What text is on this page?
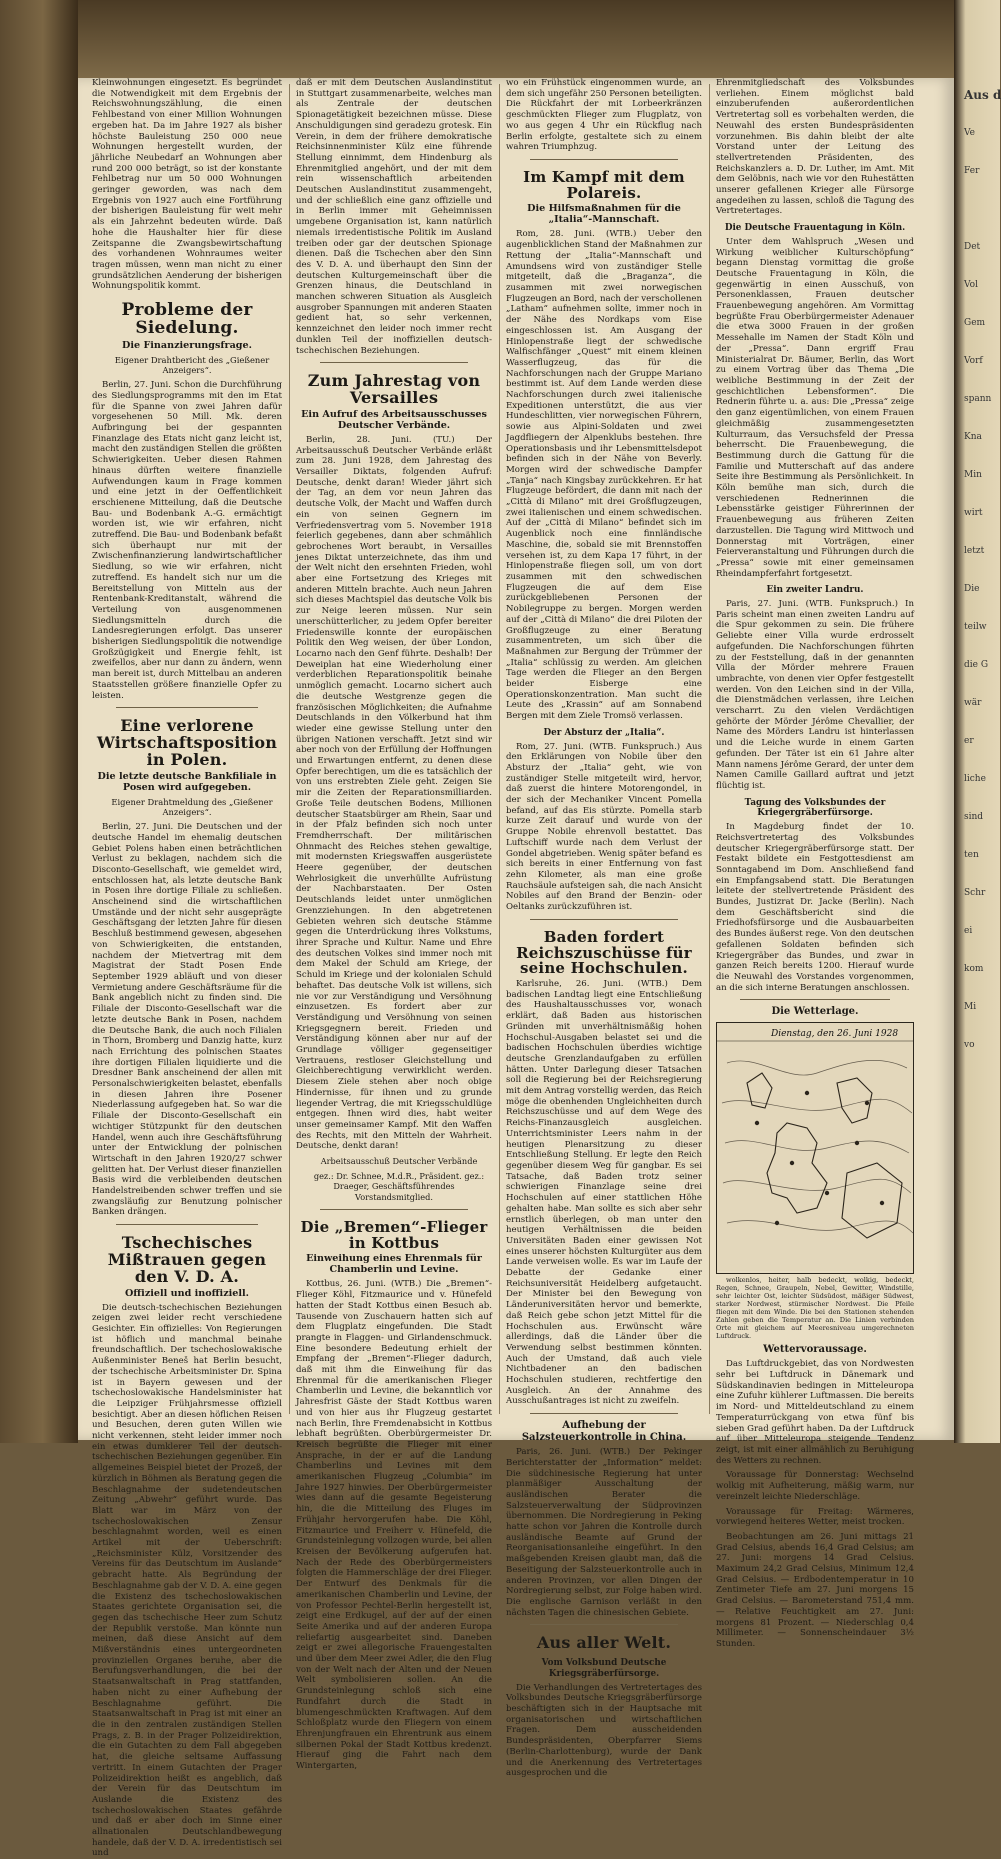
Kleinwohnungen eingesetzt. Es begründet die Notwendigkeit mit dem Ergebnis der Reichswohnungszählung, die einen Fehlbestand von einer Million Wohnungen ergeben hat. Da im Jahre 1927 als bisher höchste Bauleistung 250 000 neue Wohnungen hergestellt wurden, der jährliche Neubedarf an Wohnungen aber rund 200 000 beträgt, so ist der konstante Fehlbetrag nur um 50 000 Wohnungen geringer geworden, was nach dem Ergebnis von 1927 auch eine Fortführung der bisherigen Bauleistung für weit mehr als ein Jahrzehnt bedeuten würde. Daß hohe die Haushalter hier für diese Zeitspanne die Zwangsbewirtschaftung des vorhandenen Wohnraumes weiter tragen müssen, wenn man nicht zu einer grundsätzlichen Aenderung der bisherigen Wohnungspolitik kommt.

Probleme der Siedelung.
Die Finanzierungsfrage.

Eigener Drahtbericht des „Gießener Anzeigers“.

Berlin, 27. Juni. Schon die Durchführung des Siedlungsprogramms mit den im Etat für die Spanne von zwei Jahren dafür vorgesehenen 50 Mill. Mk. deren Aufbringung bei der gespannten Finanzlage des Etats nicht ganz leicht ist, macht den zuständigen Stellen die größten Schwierigkeiten. Ueber diesen Rahmen hinaus dürften weitere finanzielle Aufwendungen kaum in Frage kommen und eine jetzt in der Oeffentlichkeit erschienene Mitteilung, daß die Deutsche Bau- und Bodenbank A.-G. ermächtigt worden ist, wie wir erfahren, nicht zutreffend. Die Bau- und Bodenbank befaßt sich überhaupt nur mit der Zwischenfinanzierung landwirtschaftlicher Siedlung, so wie wir erfahren, nicht zutreffend. Es handelt sich nur um die Bereitstellung von Mitteln aus der Rentenbank-Kreditanstalt, während die Verteilung von ausgenommenen Siedlungsmitteln durch die Landesregierungen erfolgt. Das unserer bisherigen Siedlungspolitik die notwendige Großzügigkeit und Energie fehlt, ist zweifellos, aber nur dann zu ändern, wenn man bereit ist, durch Mittelbau an anderen Staatsstellen größere finanzielle Opfer zu leisten.

Eine verlorene Wirtschaftsposition in Polen.
Die letzte deutsche Bankfiliale in Posen wird aufgegeben.

Eigener Drahtmeldung des „Gießener Anzeigers“.

Berlin, 27. Juni. Die Deutschen und der deutsche Handel im ehemalig deutschen Gebiet Polens haben einen beträchtlichen Verlust zu beklagen, nachdem sich die Disconto-Gesellschaft, wie gemeldet wird, entschlossen hat, als letzte deutsche Bank in Posen ihre dortige Filiale zu schließen. Anscheinend sind die wirtschaftlichen Umstände und der nicht sehr ausgeprägte Geschäftsgang der letzten Jahre für diesen Beschluß bestimmend gewesen, abgesehen von Schwierigkeiten, die entstanden, nachdem der Mietvertrag mit dem Magistrat der Stadt Posen Ende September 1929 abläuft und von dieser Vermietung andere Geschäftsräume für die Bank angeblich nicht zu finden sind. Die Filiale der Disconto-Gesellschaft war die letzte deutsche Bank in Posen, nachdem die Deutsche Bank, die auch noch Filialen in Thorn, Bromberg und Danzig hatte, kurz nach Errichtung des polnischen Staates ihre dortigen Filialen liquidierte und die Dresdner Bank anscheinend der allen mit Personalschwierigkeiten belastet, ebenfalls in diesen Jahren ihre Posener Niederlassung aufgegeben hat. So war die Filiale der Disconto-Gesellschaft ein wichtiger Stützpunkt für den deutschen Handel, wenn auch ihre Geschäftsführung unter der Entwicklung der polnischen Wirtschaft in den Jahren 1920/27 schwer gelitten hat. Der Verlust dieser finanziellen Basis wird die verbleibenden deutschen Handelstreibenden schwer treffen und sie zwangsläufig zur Benutzung polnischer Banken drängen.

Tschechisches Mißtrauen gegen den V. D. A.
Offiziell und inoffiziell.

Die deutsch-tschechischen Beziehungen zeigen zwei leider recht verschiedene Gesichter. Ein offizielles: Von Regierungen ist höflich und manchmal beinahe freundschaftlich. Der tschechoslowakische Außenminister Beneš hat Berlin besucht, der tschechische Arbeitsminister Dr. Spina ist in Bayern gewesen und der tschechoslowakische Handelsminister hat die Leipziger Frühjahrsmesse offiziell besichtigt. Aber an diesen höflichen Reisen und Besuchen, deren guten Willen wie nicht verkennen, steht leider immer noch ein etwas dumklerer Teil der deutsch-tschechischen Beziehungen gegenüber. Ein allgemeines Beispiel bietet der Prozeß, der kürzlich in Böhmen als Beratung gegen die Beschlagnahme der sudetendeutschen Zeitung „Abwehr“ geführt wurde. Das Blatt war im März von der tschechoslowakischen Zensur beschlagnahmt worden, weil es einen Artikel mit der Ueberschrift: „Reichsminister Külz, Vorsitzender des Vereins für das Deutschtum im Auslande“ gebracht hatte. Als Begründung der Beschlagnahme gab der V. D. A. eine gegen die Existenz des tschechoslowakischen Staates gerichtete Organisation sei, die gegen das tschechische Heer zum Schutz der Republik verstoße. Man könnte nun meinen, daß diese Ansicht auf dem Mißverständnis eines untergeordneten provinziellen Organes beruhe, aber die Berufungsverhandlungen, die bei der Staatsanwaltschaft in Prag stattfanden, haben nicht zu einer Aufhebung der Beschlagnahme geführt. Die Staatsanwaltschaft in Prag ist mit einer an die in den zentralen zuständigen Stellen Prags, z. B. in der Prager Polizeidirektion, die ein Gutachten zu dem Fall abgegeben hat, die gleiche seltsame Auffassung vertritt. In einem Gutachten der Prager Polizeidirektion heißt es angeblich, daß der Verein für das Deutschtum im Auslande die Existenz des tschechoslowakischen Staates gefährde und daß er aber doch im Sinne einer allnationalen Deutschlandbewegung handele, daß der V. D. A. irredentistisch sei und

daß er mit dem Deutschen Auslandinstitut in Stuttgart zusammenarbeite, welches man als Zentrale der deutschen Spionagetätigkeit bezeichnen müsse. Diese Anschuldigungen sind geradezu grotesk. Ein Verein, in dem der frühere demokratische Reichsinnenminister Külz eine führende Stellung einnimmt, dem Hindenburg als Ehrenmitglied angehört, und der mit dem rein wissenschaftlich arbeitenden Deutschen Auslandinstitut zusammengeht, und der schließlich eine ganz offizielle und in Berlin immer mit Geheimnissen umgebene Organisation ist, kann natürlich niemals irredentistische Politik im Ausland treiben oder gar der deutschen Spionage dienen. Daß die Tschechen aber den Sinn des V. D. A. und überhaupt den Sinn der deutschen Kulturgemeinschaft über die Grenzen hinaus, die Deutschland in manchen schweren Situation als Ausgleich ausgrober Spannungen mit anderen Staaten gedient hat, so sehr verkennen, kennzeichnet den leider noch immer recht dunklen Teil der inoffiziellen deutsch-tschechischen Beziehungen.

Zum Jahrestag von Versailles
Ein Aufruf des Arbeitsausschusses Deutscher Verbände.

Berlin, 28. Juni. (TU.) Der Arbeitsausschuß Deutscher Verbände erläßt zum 28. Juni 1928, dem Jahrestag des Versailler Diktats, folgenden Aufruf: Deutsche, denkt daran! Wieder jährt sich der Tag, an dem vor neun Jahren das deutsche Volk, der Macht und Waffen durch ein von seinen Gegnern im Verfriedensvertrag vom 5. November 1918 feierlich gegebenes, dann aber schmählich gebrochenes Wort beraubt, in Versailles jenes Diktat unterzeichnete, das ihm und der Welt nicht den ersehnten Frieden, wohl aber eine Fortsetzung des Krieges mit anderen Mitteln brachte. Auch neun Jahren sich dieses Machtspiel das deutsche Volk bis zur Neige leeren müssen. Nur sein unerschütterlicher, zu jedem Opfer bereiter Friedenswille konnte der europäischen Politik den Weg weisen, der über London, Locarno nach den Genf führte. Deshalb! Der Deweiplan hat eine Wiederholung einer verderblichen Reparationspolitik beinahe unmöglich gemacht. Locarno sichert auch die deutsche Westgrenze gegen die französischen Möglichkeiten; die Aufnahme Deutschlands in den Völkerbund hat ihm wieder eine gewisse Stellung unter den übrigen Nationen verschafft. Jetzt sind wir aber noch von der Erfüllung der Hoffnungen und Erwartungen entfernt, zu denen diese Opfer berechtigen, um die es tatsächlich der von uns erstrebten Ziele geht. Zeigen Sie mir die Zeiten der Reparationsmilliarden. Große Teile deutschen Bodens, Millionen deutscher Staatsbürger am Rhein, Saar und in der Pfalz befinden sich noch unter Fremdherrschaft. Der militärischen Ohnmacht des Reiches stehen gewaltige, mit modernsten Kriegswaffen ausgerüstete Heere gegenüber, der deutschen Wehrlosigkeit die unverhüllte Aufrüstung der Nachbarstaaten. Der Osten Deutschlands leidet unter unmöglichen Grenzziehungen. In den abgetretenen Gebieten wehren sich deutsche Stämme gegen die Unterdrückung ihres Volkstums, ihrer Sprache und Kultur. Name und Ehre des deutschen Volkes sind immer noch mit dem Makel der Schuld am Kriege, der Schuld im Kriege und der kolonialen Schuld behaftet. Das deutsche Volk ist willens, sich nie vor zur Verständigung und Versöhnung einzusetzen. Es fordert aber zur Verständigung und Versöhnung von seinen Kriegsgegnern bereit. Frieden und Verständigung können aber nur auf der Grundlage völliger gegenseitiger Vertrauens, restloser Gleichstellung und Gleichberechtigung verwirklicht werden. Diesem Ziele stehen aber noch obige Hindernisse, für ihnen und zu grunde liegender Vertrag, die mit Kriegsschuldlüge entgegen. Ihnen wird dies, habt weiter unser gemeinsamer Kampf. Mit den Waffen des Rechts, mit den Mitteln der Wahrheit. Deutsche, denkt daran!

Arbeitsausschuß Deutscher Verbände

gez.: Dr. Schnee, M.d.R., Präsident. gez.: Draeger, Geschäftsführendes Vorstandsmitglied.

Die „Bremen“-Flieger in Kottbus
Einweihung eines Ehrenmals für Chamberlin und Levine.

Kottbus, 26. Juni. (WTB.) Die „Bremen“-Flieger Köhl, Fitzmaurice und v. Hünefeld hatten der Stadt Kottbus einen Besuch ab. Tausende von Zuschauern hatten sich auf dem Flugplatz eingefunden. Die Stadt prangte in Flaggen- und Girlandenschmuck. Eine besondere Bedeutung erhielt der Empfang der „Bremen“-Flieger dadurch, daß mit ihm die Einweihung für das Ehrenmal für die amerikanischen Flieger Chamberlin und Levine, die bekanntlich vor Jahresfrist Gäste der Stadt Kottbus waren und von hier aus ihr Flugzeug gestartet nach Berlin, Ihre Fremdenabsicht in Kottbus lebhaft begrüßten. Oberbürgermeister Dr. Kreisch begrüßte die Flieger mit einer Ansprache, in der er auf die Landung Chamberlins und Levines mit dem amerikanischen Flugzeug „Columbia“ im Jahre 1927 hinwies. Der Oberbürgermeister wies dann auf die gesamte Begeisterung hin, die die Mitteilung des Fluges im Frühjahr hervorgerufen habe. Die Köhl, Fitzmaurice und Freiherr v. Hünefeld, die Grundsteinlegung vollzogen wurde, bei allen Kreisen der Bevölkerung aufgerufen hat. Nach der Rede des Oberbürgermeisters folgten die Hammerschläge der drei Flieger. Der Entwurf des Denkmals für die amerikanischen Chamberlin und Levine, der von Professor Pechtel-Berlin hergestellt ist, zeigt eine Erdkugel, auf der auf der einen Seite Amerika und auf der anderen Europa reliefartig ausgearbeitet sind. Daneben zeigt er zwei allegorische Frauengestalten und über dem Meer zwei Adler, die den Flug von der Welt nach der Alten und der Neuen Welt symbolisieren sollen. An die Grundsteinlegung schloß sich eine Rundfahrt durch die Stadt in blumengeschmückten Kraftwagen. Auf dem Schloßplatz wurde den Fliegern von einem Ehrenjungfrauen ein Ehrentrunk aus einem silbernen Pokal der Stadt Kottbus kredenzt. Hierauf ging die Fahrt nach dem Wintergarten,

wo ein Frühstück eingenommen wurde, an dem sich ungefähr 250 Personen beteiligten. Die Rückfahrt der mit Lorbeerkränzen geschmückten Flieger zum Flugplatz, von wo aus gegen 4 Uhr ein Rückflug nach Berlin erfolgte, gestaltete sich zu einem wahren Triumphzug.

Im Kampf mit dem Polareis.
Die Hilfsmaßnahmen für die „Italia“-Mannschaft.

Rom, 28. Juni. (WTB.) Ueber den augenblicklichen Stand der Maßnahmen zur Rettung der „Italia“-Mannschaft und Amundsens wird von zuständiger Stelle mitgeteilt, daß die „Braganza“, die zusammen mit zwei norwegischen Flugzeugen an Bord, nach der verschollenen „Latham“ aufnehmen sollte, immer noch in der Nähe des Nordkaps vom Eise eingeschlossen ist. Am Ausgang der Hinlopenstraße liegt der schwedische Walfischfänger „Quest“ mit einem kleinen Wasserflugzeug, das für die Nachforschungen nach der Gruppe Mariano bestimmt ist. Auf dem Lande werden diese Nachforschungen durch zwei italienische Expeditionen unterstützt, die aus vier Hundeschlitten, vier norwegischen Führern, sowie aus Alpini-Soldaten und zwei Jagdfliegern der Alpenklubs bestehen. Ihre Operationsbasis und ihr Lebensmittelsdepot befinden sich in der Nähe von Beverly. Morgen wird der schwedische Dampfer „Tanja“ nach Kingsbay zurückkehren. Er hat Flugzeuge befördert, die dann mit nach der „Città di Milano“ mit drei Großflugzeugen, zwei italienischen und einem schwedischen. Auf der „Città di Milano“ befindet sich im Augenblick noch eine finnländische Maschine, die, sobald sie mit Brennstoffen versehen ist, zu dem Kapa 17 führt, in der Hinlopenstraße fliegen soll, um von dort zusammen mit den schwedischen Flugzeugen die auf dem Eise zurückgebliebenen Personen der Nobilegruppe zu bergen. Morgen werden auf der „Città di Milano“ die drei Piloten der Großflugzeuge zu einer Beratung zusammentreten, um sich über die Maßnahmen zur Bergung der Trümmer der „Italia“ schlüssig zu werden. Am gleichen Tage werden die Flieger an den Bergen beider Eisberge eine Operationskonzentration. Man sucht die Leute des „Krassin“ auf am Sonnabend Bergen mit dem Ziele Tromsö verlassen.

Der Absturz der „Italia“.

Rom, 27. Juni. (WTB. Funkspruch.) Aus den Erklärungen von Nobile über den Absturz der „Italia“ geht, wie von zuständiger Stelle mitgeteilt wird, hervor, daß zuerst die hintere Motorengondel, in der sich der Mechaniker Vincent Pomella befand, auf das Eis stürzte. Pomella starb kurze Zeit darauf und wurde von der Gruppe Nobile ehrenvoll bestattet. Das Luftschiff wurde nach dem Verlust der Gondel abgetrieben. Wenig später befand es sich bereits in einer Entfernung von fast zehn Kilometer, als man eine große Rauchsäule aufsteigen sah, die nach Ansicht Nobiles auf den Brand der Benzin- oder Oeltanks zurückzuführen ist.

Baden fordert Reichszuschüsse für seine Hochschulen.

Karlsruhe, 26. Juni. (WTB.) Dem badischen Landtag liegt eine Entschließung des Haushaltausschusses vor, wonach erklärt, daß Baden aus historischen Gründen mit unverhältnismäßig hohen Hochschul-Ausgaben belastet sei und die badischen Hochschulen überdies wichtige deutsche Grenzlandaufgaben zu erfüllen hätten. Unter Darlegung dieser Tatsachen soll die Regierung bei der Reichsregierung mit dem Antrag vorstellig werden, das Reich möge die obenhenden Ungleichheiten durch Reichszuschüsse und auf dem Wege des Reichs-Finanzausgleich ausgleichen. Unterrichtsminister Leers nahm in der heutigen Plenarsitzung zu dieser Entschließung Stellung. Er legte den Reich gegenüber diesem Weg für gangbar. Es sei Tatsache, daß Baden trotz seiner schwierigen Finanzlage seine drei Hochschulen auf einer stattlichen Höhe gehalten habe. Man sollte es sich aber sehr ernstlich überlegen, ob man unter den heutigen Verhältnissen die beiden Universitäten Baden einer gewissen Not eines unserer höchsten Kulturgüter aus dem Lande verweisen wolle. Es war im Laufe der Debatte der Gedanke einer Reichsuniversität Heidelberg aufgetaucht. Der Minister bei den Bewegung von Länderuniversitäten hervor und bemerkte, daß Reich gebe schon jetzt Mittel für die Hochschulen aus. Erwünscht wäre allerdings, daß die Länder über die Verwendung selbst bestimmen könnten. Auch der Umstand, daß auch viele Nichtbadener an den badischen Hochschulen studieren, rechtfertige den Ausgleich. An der Annahme des Ausschußantrages ist nicht zu zweifeln.

Aufhebung der Salzsteuerkontrolle in China.

Paris, 26. Juni. (WTB.) Der Pekinger Berichterstatter der „Information“ meldet: Die südchinesische Regierung hat unter planmäßiger Ausschaltung der ausländischen Berater die Salzsteuerverwaltung der Südprovinzen übernommen. Die Nordregierung in Peking hatte schon vor Jahren die Kontrolle durch ausländische Beamte auf Grund der Reorganisationsanleihe eingeführt. In den maßgebenden Kreisen glaubt man, daß die Beseitigung der Salzsteuerkontrolle auch in anderen Provinzen, vor allen Dingen der Nordregierung selbst, zur Folge haben wird. Die englische Garnison verläßt in den nächsten Tagen die chinesischen Gebiete.

Aus aller Welt.
Vom Volksbund Deutsche Kriegsgräberfürsorge.

Die Verhandlungen des Vertretertages des Volksbundes Deutsche Kriegsgräberfürsorge beschäftigten sich in der Hauptsache mit organisatorischen und wirtschaftlichen Fragen. Dem ausscheidenden Bundespräsidenten, Oberpfarrer Siems (Berlin-Charlottenburg), wurde der Dank und die Anerkennung des Vertretertages ausgesprochen und die

Ehrenmitgliedschaft des Volksbundes verliehen. Einem möglichst bald einzuberufenden außerordentlichen Vertretertag soll es vorbehalten werden, die Neuwahl des ersten Bundespräsidenten vorzunehmen. Bis dahin bleibt der alte Vorstand unter der Leitung des stellvertretenden Präsidenten, des Reichskanzlers a. D. Dr. Luther, im Amt. Mit dem Gelöbnis, nach wie vor den Ruhestätten unserer gefallenen Krieger alle Fürsorge angedeihen zu lassen, schloß die Tagung des Vertretertages.

Die Deutsche Frauentagung in Köln.

Unter dem Wahlspruch „Wesen und Wirkung weiblicher Kulturschöpfung“ begann Dienstag vormittag die große Deutsche Frauentagung in Köln, die gegenwärtig in einen Ausschuß, von Personenklassen, Frauen deutscher Frauenbewegung angehören. Am Vormittag begrüßte Frau Oberbürgermeister Adenauer die etwa 3000 Frauen in der großen Messehalle im Namen der Stadt Köln und der „Pressa“. Dann ergriff Frau Ministerialrat Dr. Bäumer, Berlin, das Wort zu einem Vortrag über das Thema „Die weibliche Bestimmung in der Zeit der geschichtlichen Lebensformen“. Die Rednerin führte u. a. aus: Die „Pressa“ zeige den ganz eigentümlichen, von einem Frauen gleichmäßig zusammengesetzten Kulturraum, das Versuchsfeld der Pressa beherrscht. Die Frauenbewegung, die Bestimmung durch die Gattung für die Familie und Mutterschaft auf das andere Seite ihre Bestimmung als Persönlichkeit. In Köln bemühe man sich, durch die verschiedenen Rednerinnen die Lebensstärke geistiger Führerinnen der Frauenbewegung aus früheren Zeiten darzustellen. Die Tagung wird Mittwoch und Donnerstag mit Vorträgen, einer Feierveranstaltung und Führungen durch die „Pressa“ sowie mit einer gemeinsamen Rheindampferfahrt fortgesetzt.

Ein zweiter Landru.

Paris, 27. Juni. (WTB. Funkspruch.) In Paris scheint man einen zweiten Landru auf die Spur gekommen zu sein. Die frühere Geliebte einer Villa wurde erdrosselt aufgefunden. Die Nachforschungen führten zu der Feststellung, daß in der genannten Villa der Mörder mehrere Frauen umbrachte, von denen vier Opfer festgestellt werden. Von den Leichen sind in der Villa, die Dienstmädchen verlassen, ihre Leichen verscharrt. Zu den vielen Verdächtigen gehörte der Mörder Jérôme Chevallier, der Name des Mörders Landru ist hinterlassen und die Leiche wurde in einem Garten gefunden. Der Täter ist ein 61 Jahre alter Mann namens Jérôme Gerard, der unter dem Namen Camille Gaillard auftrat und jetzt flüchtig ist.

Tagung des Volksbundes der Kriegergräberfürsorge.

In Magdeburg findet der 10. Reichsvertretertag des Volksbundes deutscher Kriegergräberfürsorge statt. Der Festakt bildete ein Festgottesdienst am Sonntagabend im Dom. Anschließend fand ein Empfangsabend statt. Die Beratungen leitete der stellvertretende Präsident des Bundes, Justizrat Dr. Jacke (Berlin). Nach dem Geschäftsbericht sind die Friedhofsfürsorge und die Ausbauarbeiten des Bundes äußerst rege. Von den deutschen gefallenen Soldaten befinden sich Kriegergräber das Bundes, und zwar in ganzen Reich bereits 1200. Hierauf wurde die Neuwahl des Vorstandes vorgenommen, an die sich interne Beratungen anschlossen.

Die Wetterlage.
Dienstag, den 26. Juni 1928

wolkenlos, heiter, halb bedeckt, wolkig, bedeckt, Regen, Schnee, Graupeln, Nebel, Gewitter, Windstille, sehr leichter Ost, leichter Südsüdost, mäßiger Südwest, starker Nordwest, stürmischer Nordwest. Die Pfeile fliegen mit dem Winde. Die bei den Stationen stehenden Zahlen geben die Temperatur an. Die Linien verbinden Orte mit gleichem auf Meeresniveau umgerechneten Luftdruck.

Wettervoraussage.

Das Luftdruckgebiet, das von Nordwesten sehr bei Luftdruck in Dänemark und Südskandinavien bedingen in Mitteleuropa eine Zufuhr kühlerer Luftmassen. Die bereits im Nord- und Mitteldeutschland zu einem Temperaturrückgang von etwa fünf bis sieben Grad geführt haben. Da der Luftdruck auf über Mitteleuropa steigende Tendenz zeigt, ist mit einer allmählich zu Beruhigung des Wetters zu rechnen.

Voraussage für Donnerstag: Wechselnd wolkig mit Aufheiterung, mäßig warm, nur vereinzelt leichte Niederschläge.

Voraussage für Freitag: Wärmeres, vorwiegend heiteres Wetter, meist trocken.

Beobachtungen am 26. Juni mittags 21 Grad Celsius, abends 16,4 Grad Celsius; am 27. Juni: morgens 14 Grad Celsius. Maximum 24,2 Grad Celsius, Minimum 12,4 Grad Celsius. — Erdbodentemperatur in 10 Zentimeter Tiefe am 27. Juni morgens 15 Grad Celsius. — Barometerstand 751,4 mm. — Relative Feuchtigkeit am 27. Juni: morgens 81 Prozent. — Niederschlag 0,4 Millimeter. — Sonnenscheindauer 3½ Stunden.

Aus d
Ve
Fer
Det
Vol
Gem
Vorf
spann
Kna
Min
wirt
letzt
Die
teilw
die G
wär
er
liche
sind
ten
Schr
ei
kom
Mi
vo
